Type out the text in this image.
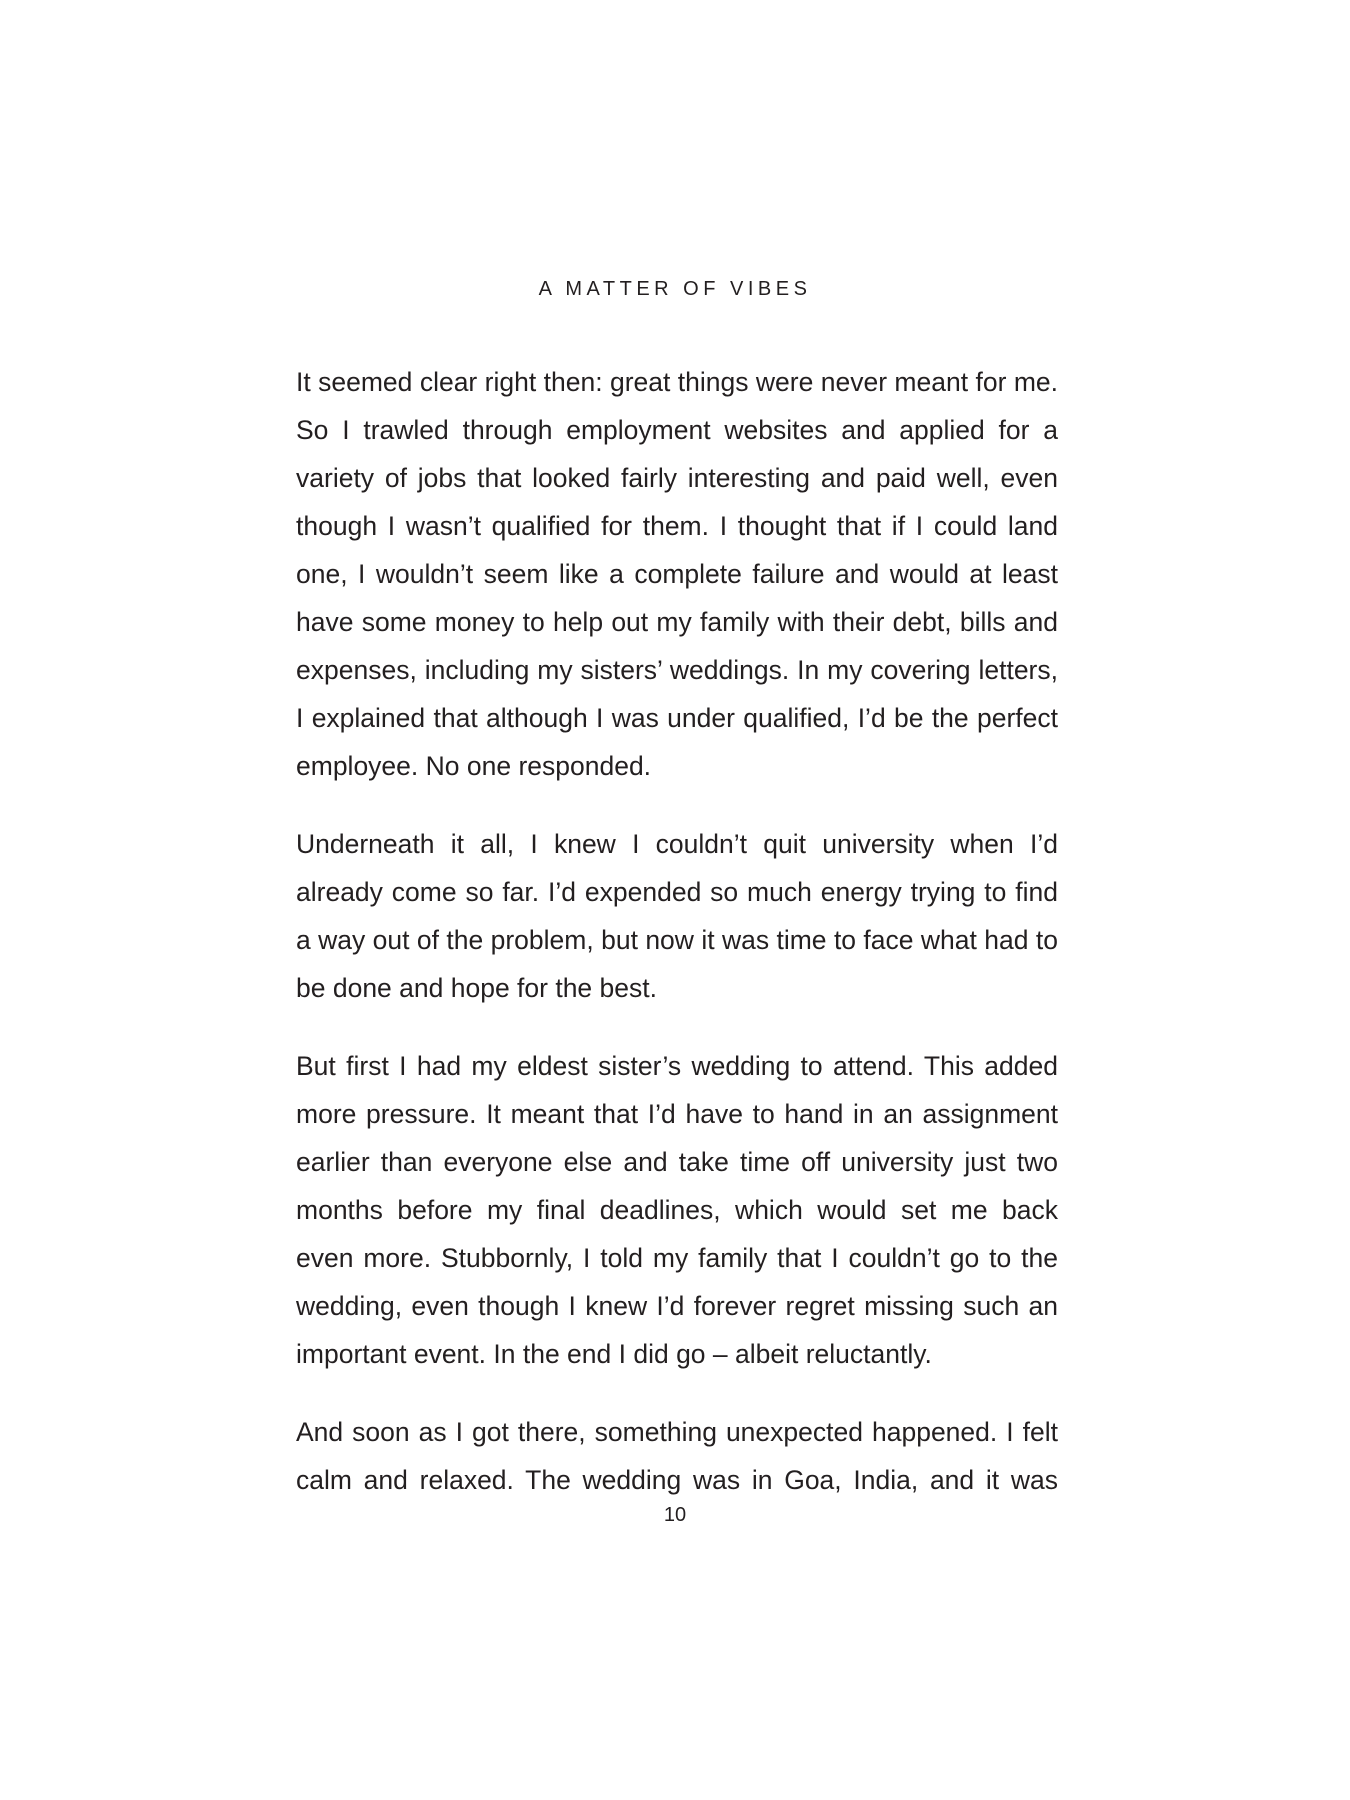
A MATTER OF VIBES

It seemed clear right then: great things were never meant for me. So I trawled through employment websites and applied for a variety of jobs that looked fairly interesting and paid well, even though I wasn’t qualified for them. I thought that if I could land one, I wouldn’t seem like a complete failure and would at least have some money to help out my family with their debt, bills and expenses, including my sisters’ weddings. In my covering letters, I explained that although I was under qualified, I’d be the perfect employee. No one responded.

Underneath it all, I knew I couldn’t quit university when I’d already come so far. I’d expended so much energy trying to find a way out of the problem, but now it was time to face what had to be done and hope for the best.

But first I had my eldest sister’s wedding to attend. This added more pressure. It meant that I’d have to hand in an assignment earlier than everyone else and take time off university just two months before my final deadlines, which would set me back even more. Stubbornly, I told my family that I couldn’t go to the wedding, even though I knew I’d forever regret missing such an important event. In the end I did go – albeit reluctantly.

And soon as I got there, something unexpected happened. I felt calm and relaxed. The wedding was in Goa, India, and it was

10
